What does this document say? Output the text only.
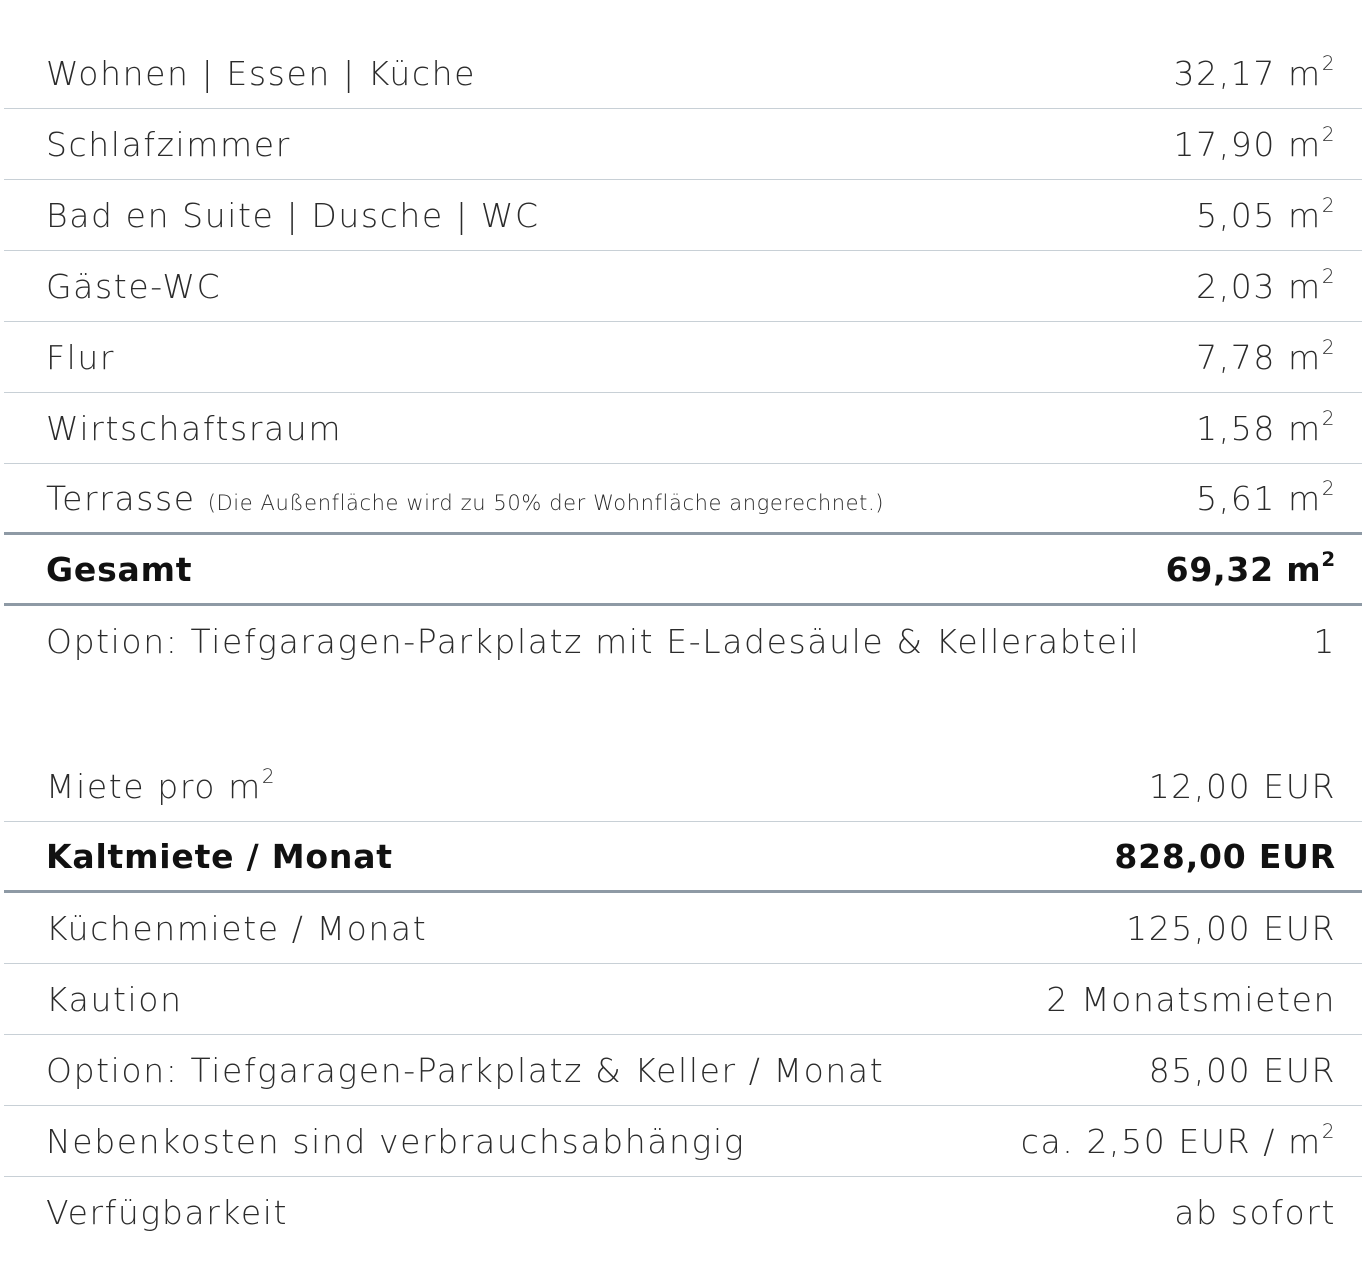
Wohnen | Essen | Küche	32,17 $m^2$
Schlafzimmer	17,90 $m^2$
Bad en Suite | Dusche | WC	5,05 $m^2$
Gäste-WC	2,03 $m^2$
Flur	7,78 $m^2$
Wirtschaftsraum	1,58 $m^2$
Terrasse (Die Außenfläche wird zu 50% der Wohnfläche angerechnet.)	5,61 $m^2$
Gesamt	69,32 $m^2$
Option: Tiefgaragen-Parkplatz mit E-Ladesäule & Kellerabteil	1
Miete pro $m^2$	12,00 EUR
Kaltmiete / Monat	828,00 EUR
Küchenmiete / Monat	125,00 EUR
Kaution	2 Monatsmieten
Option: Tiefgaragen-Parkplatz & Keller / Monat	85,00 EUR
Nebenkosten sind verbrauchsabhängig	ca. 2,50 EUR / $m^2$
Verfügbarkeit	ab sofort
